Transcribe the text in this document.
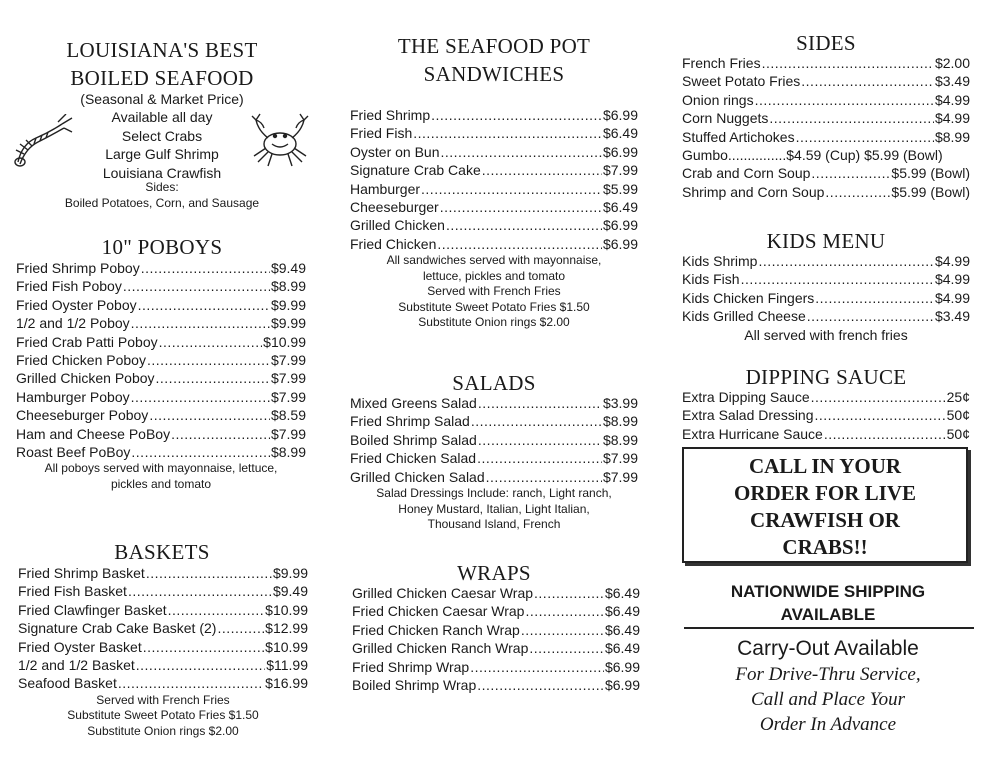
LOUISIANA'S BEST
BOILED SEAFOOD
(Seasonal & Market Price)
Available all day
Select Crabs
Large Gulf Shrimp
Louisiana Crawfish
Sides:
Boiled Potatoes, Corn, and Sausage
10" POBOYS
Fried Shrimp Poboy .....	$9.49
Fried Fish Poboy .....	$8.99
Fried Oyster Poboy .....	$9.99
1/2 and 1/2 Poboy .....	$9.99
Fried Crab Patti Poboy .....	$10.99
Fried Chicken Poboy .....	$7.99
Grilled Chicken Poboy .....	$7.99
Hamburger Poboy .....	$7.99
Cheeseburger Poboy .....	$8.59
Ham and Cheese PoBoy .....	$7.99
Roast Beef PoBoy .....	$8.99
All poboys served with mayonnaise, lettuce,
pickles and tomato
BASKETS
Fried Shrimp Basket .....	$9.99
Fried Fish Basket .....	$9.49
Fried Clawfinger Basket .....	$10.99
Signature Crab Cake Basket (2) .....	$12.99
Fried Oyster Basket .....	$10.99
1/2 and 1/2 Basket .....	$11.99
Seafood Basket .....	$16.99
Served with French Fries
Substitute Sweet Potato Fries $1.50
Substitute Onion rings $2.00
THE SEAFOOD POT
SANDWICHES
Fried Shrimp .....	$6.99
Fried Fish .....	$6.49
Oyster on Bun .....	$6.99
Signature Crab Cake .....	$7.99
Hamburger .....	$5.99
Cheeseburger .....	$6.49
Grilled Chicken .....	$6.99
Fried Chicken .....	$6.99
All sandwiches served with mayonnaise,
lettuce, pickles and tomato
Served with French Fries
Substitute Sweet Potato Fries $1.50
Substitute Onion rings $2.00
SALADS
Mixed Greens Salad .....	$3.99
Fried Shrimp Salad .....	$8.99
Boiled Shrimp Salad .....	$8.99
Fried Chicken Salad .....	$7.99
Grilled Chicken Salad .....	$7.99
Salad Dressings Include: ranch, Light ranch,
Honey Mustard, Italian, Light Italian,
Thousand Island, French
WRAPS
Grilled Chicken Caesar Wrap .....	$6.49
Fried Chicken Caesar Wrap .....	$6.49
Fried Chicken Ranch Wrap .....	$6.49
Grilled Chicken Ranch Wrap .....	$6.49
Fried Shrimp Wrap .....	$6.99
Boiled Shrimp Wrap .....	$6.99
SIDES
French Fries .....	$2.00
Sweet Potato Fries .....	$3.49
Onion rings .....	$4.99
Corn Nuggets .....	$4.99
Stuffed Artichokes .....	$8.99
Gumbo...............$4.59 (Cup) $5.99 (Bowl)
Crab and Corn Soup .....	$5.99 (Bowl)
Shrimp and Corn Soup .....	$5.99 (Bowl)
KIDS MENU
Kids Shrimp .....	$4.99
Kids Fish .....	$4.99
Kids Chicken Fingers .....	$4.99
Kids Grilled Cheese .....	$3.49
All served with french fries
DIPPING SAUCE
Extra Dipping Sauce .....	25¢
Extra Salad Dressing .....	50¢
Extra Hurricane Sauce .....	50¢
CALL IN YOUR
ORDER FOR LIVE
CRAWFISH OR
CRABS!!
NATIONWIDE SHIPPING
AVAILABLE
Carry-Out Available
For Drive-Thru Service,
Call and Place Your
Order In Advance
